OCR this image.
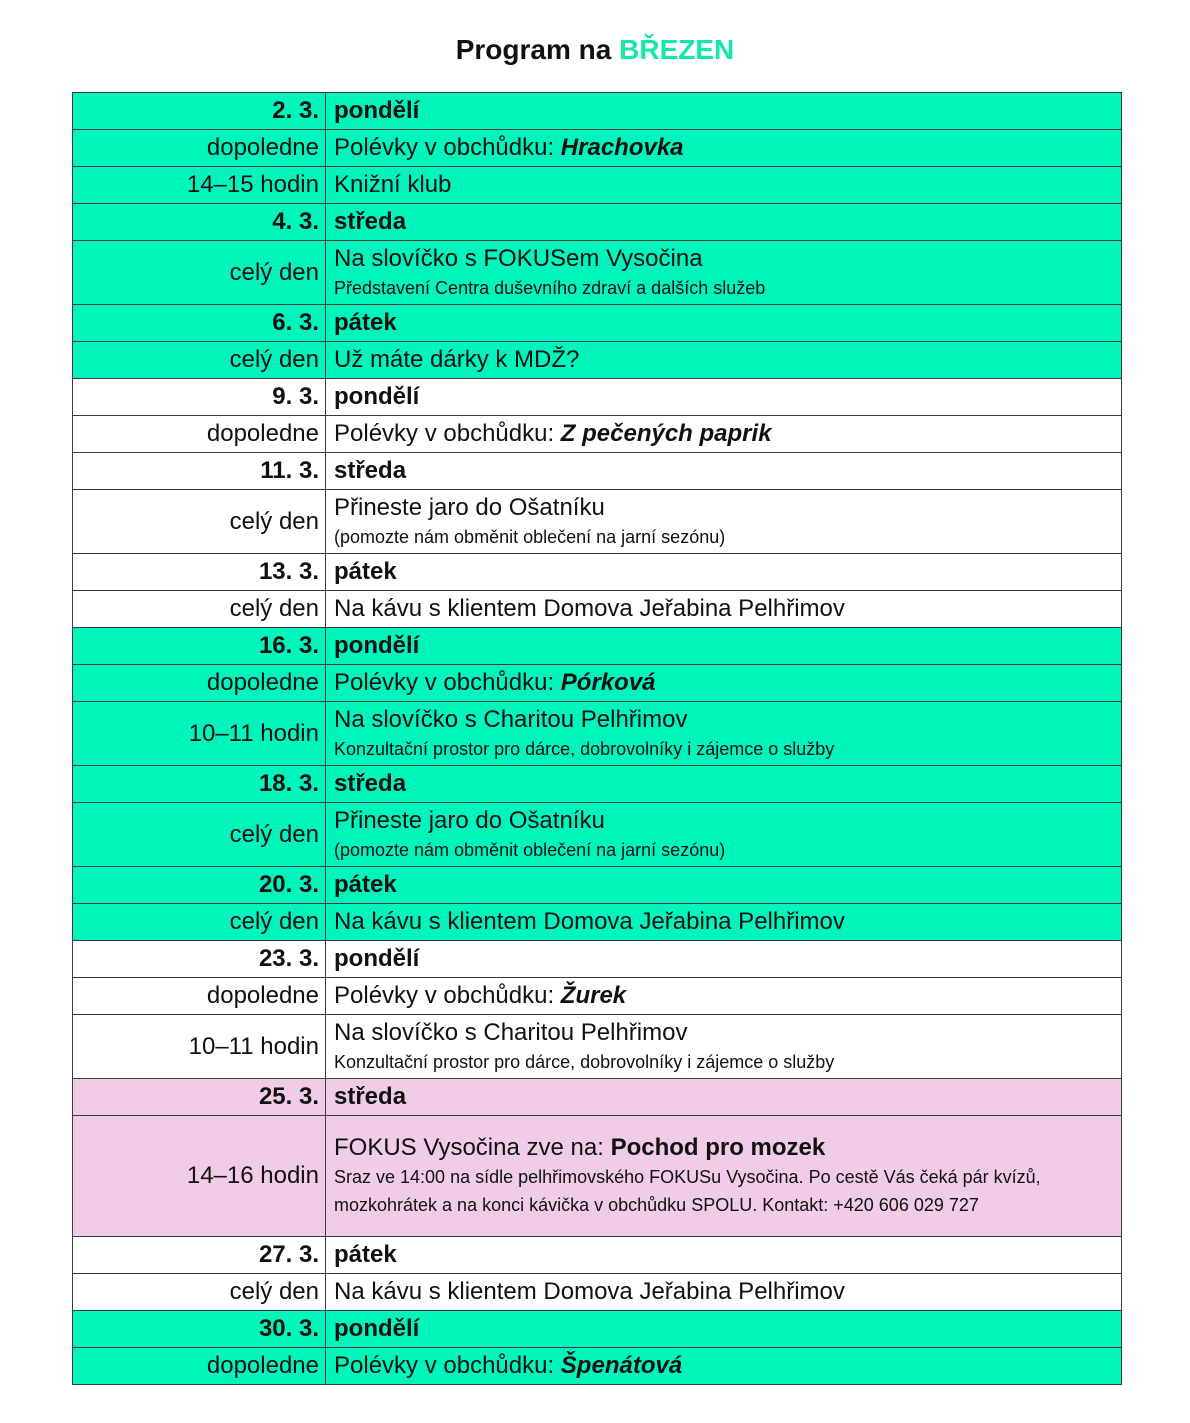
Program na BŘEZEN
2. 3.	pondělí
dopoledne	Polévky v obchůdku: Hrachovka
14–15 hodin	Knižní klub
4. 3.	středa
celý den	Na slovíčko s FOKUSem Vysočina
Představení Centra duševního zdraví a dalších služeb

6. 3.	pátek
celý den	Už máte dárky k MDŽ?
9. 3.	pondělí
dopoledne	Polévky v obchůdku: Z pečených paprik
11. 3.	středa
celý den	Přineste jaro do Ošatníku
(pomozte nám obměnit oblečení na jarní sezónu)

13. 3.	pátek
celý den	Na kávu s klientem Domova Jeřabina Pelhřimov
16. 3.	pondělí
dopoledne	Polévky v obchůdku: Pórková
10–11 hodin	Na slovíčko s Charitou Pelhřimov
Konzultační prostor pro dárce, dobrovolníky i zájemce o služby

18. 3.	středa
celý den	Přineste jaro do Ošatníku
(pomozte nám obměnit oblečení na jarní sezónu)

20. 3.	pátek
celý den	Na kávu s klientem Domova Jeřabina Pelhřimov
23. 3.	pondělí
dopoledne	Polévky v obchůdku: Žurek
10–11 hodin	Na slovíčko s Charitou Pelhřimov
Konzultační prostor pro dárce, dobrovolníky i zájemce o služby

25. 3.	středa
14–16 hodin	FOKUS Vysočina zve na: Pochod pro mozek
Sraz ve 14:00 na sídle pelhřimovského FOKUSu Vysočina. Po cestě Vás čeká pár kvízů, mozkohrátek a na konci kávička v obchůdku SPOLU. Kontakt: +420 606 029 727

27. 3.	pátek
celý den	Na kávu s klientem Domova Jeřabina Pelhřimov
30. 3.	pondělí
dopoledne	Polévky v obchůdku: Špenátová
